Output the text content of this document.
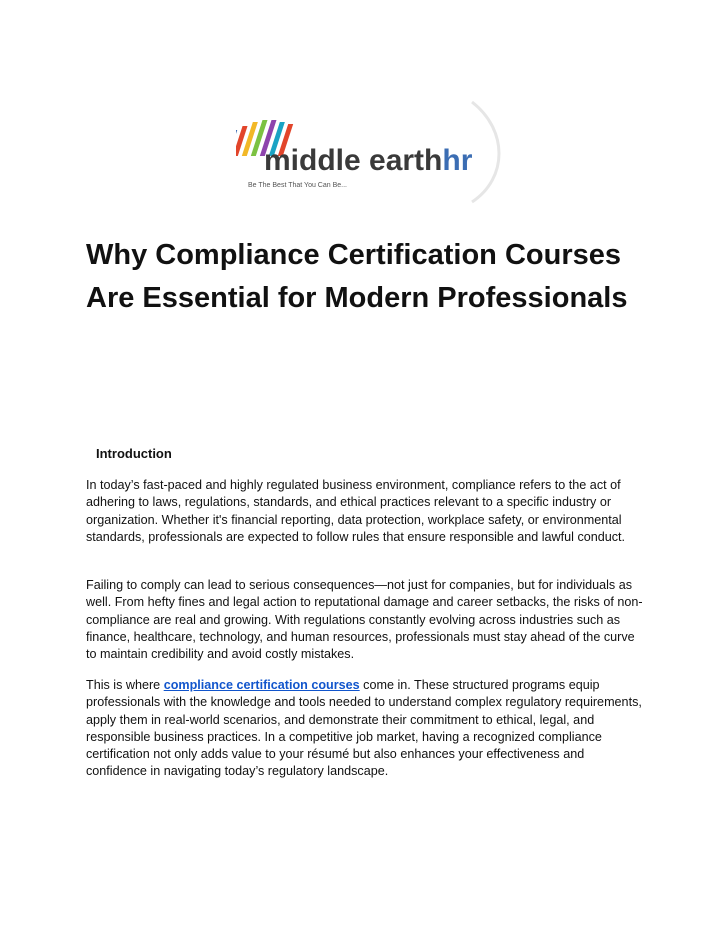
middle earthhr
Be The Best That You Can Be...
Why Compliance Certification Courses Are Essential for Modern Professionals
Introduction

In today’s fast-paced and highly regulated business environment, compliance refers to the act of adhering to laws, regulations, standards, and ethical practices relevant to a specific industry or organization. Whether it's financial reporting, data protection, workplace safety, or environmental standards, professionals are expected to follow rules that ensure responsible and lawful conduct.

Failing to comply can lead to serious consequences—not just for companies, but for individuals as well. From hefty fines and legal action to reputational damage and career setbacks, the risks of non-compliance are real and growing. With regulations constantly evolving across industries such as finance, healthcare, technology, and human resources, professionals must stay ahead of the curve to maintain credibility and avoid costly mistakes.

This is where compliance certification courses come in. These structured programs equip professionals with the knowledge and tools needed to understand complex regulatory requirements, apply them in real-world scenarios, and demonstrate their commitment to ethical, legal, and responsible business practices. In a competitive job market, having a recognized compliance certification not only adds value to your résumé but also enhances your effectiveness and confidence in navigating today’s regulatory landscape.
